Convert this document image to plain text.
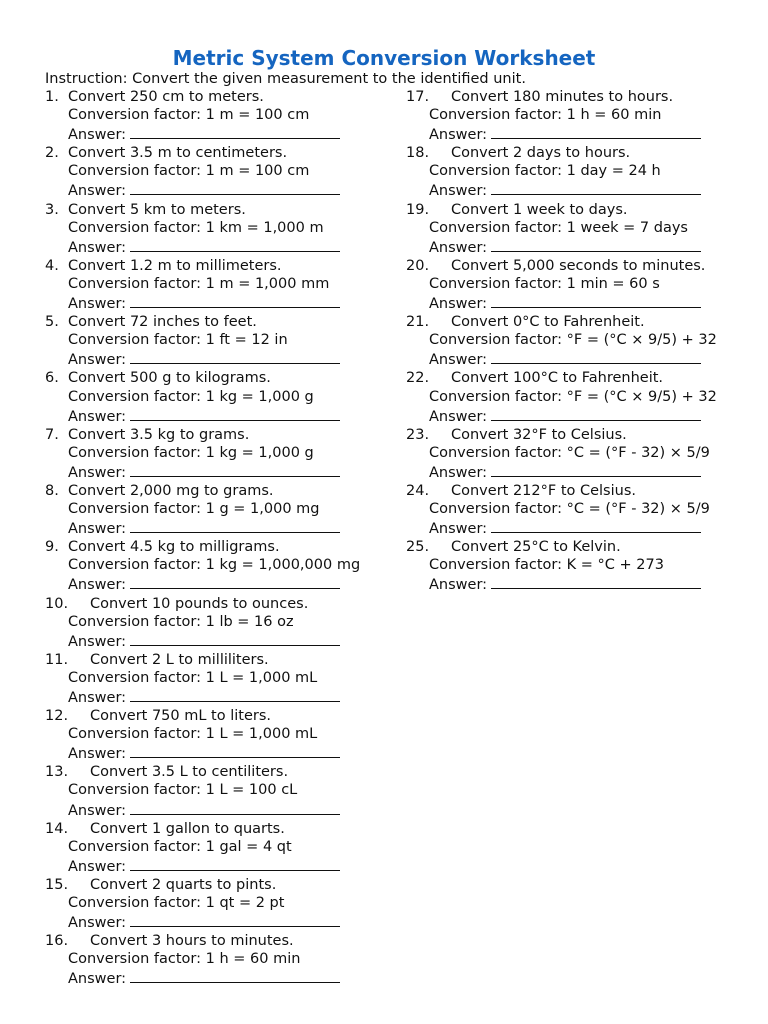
Metric System Conversion Worksheet
Instruction: Convert the given measurement to the identified unit.
1. Convert 250 cm to meters.
Conversion factor: 1 m = 100 cm
Answer:
2. Convert 3.5 m to centimeters.
Conversion factor: 1 m = 100 cm
Answer:
3. Convert 5 km to meters.
Conversion factor: 1 km = 1,000 m
Answer:
4. Convert 1.2 m to millimeters.
Conversion factor: 1 m = 1,000 mm
Answer:
5. Convert 72 inches to feet.
Conversion factor: 1 ft = 12 in
Answer:
6. Convert 500 g to kilograms.
Conversion factor: 1 kg = 1,000 g
Answer:
7. Convert 3.5 kg to grams.
Conversion factor: 1 kg = 1,000 g
Answer:
8. Convert 2,000 mg to grams.
Conversion factor: 1 g = 1,000 mg
Answer:
9. Convert 4.5 kg to milligrams.
Conversion factor: 1 kg = 1,000,000 mg
Answer:
10. Convert 10 pounds to ounces.
Conversion factor: 1 lb = 16 oz
Answer:
11. Convert 2 L to milliliters.
Conversion factor: 1 L = 1,000 mL
Answer:
12. Convert 750 mL to liters.
Conversion factor: 1 L = 1,000 mL
Answer:
13. Convert 3.5 L to centiliters.
Conversion factor: 1 L = 100 cL
Answer:
14. Convert 1 gallon to quarts.
Conversion factor: 1 gal = 4 qt
Answer:
15. Convert 2 quarts to pints.
Conversion factor: 1 qt = 2 pt
Answer:
16. Convert 3 hours to minutes.
Conversion factor: 1 h = 60 min
Answer:
17. Convert 180 minutes to hours.
Conversion factor: 1 h = 60 min
Answer:
18. Convert 2 days to hours.
Conversion factor: 1 day = 24 h
Answer:
19. Convert 1 week to days.
Conversion factor: 1 week = 7 days
Answer:
20. Convert 5,000 seconds to minutes.
Conversion factor: 1 min = 60 s
Answer:
21. Convert 0°C to Fahrenheit.
Conversion factor: °F = (°C × 9/5) + 32
Answer:
22. Convert 100°C to Fahrenheit.
Conversion factor: °F = (°C × 9/5) + 32
Answer:
23. Convert 32°F to Celsius.
Conversion factor: °C = (°F - 32) × 5/9
Answer:
24. Convert 212°F to Celsius.
Conversion factor: °C = (°F - 32) × 5/9
Answer:
25. Convert 25°C to Kelvin.
Conversion factor: K = °C + 273
Answer:
